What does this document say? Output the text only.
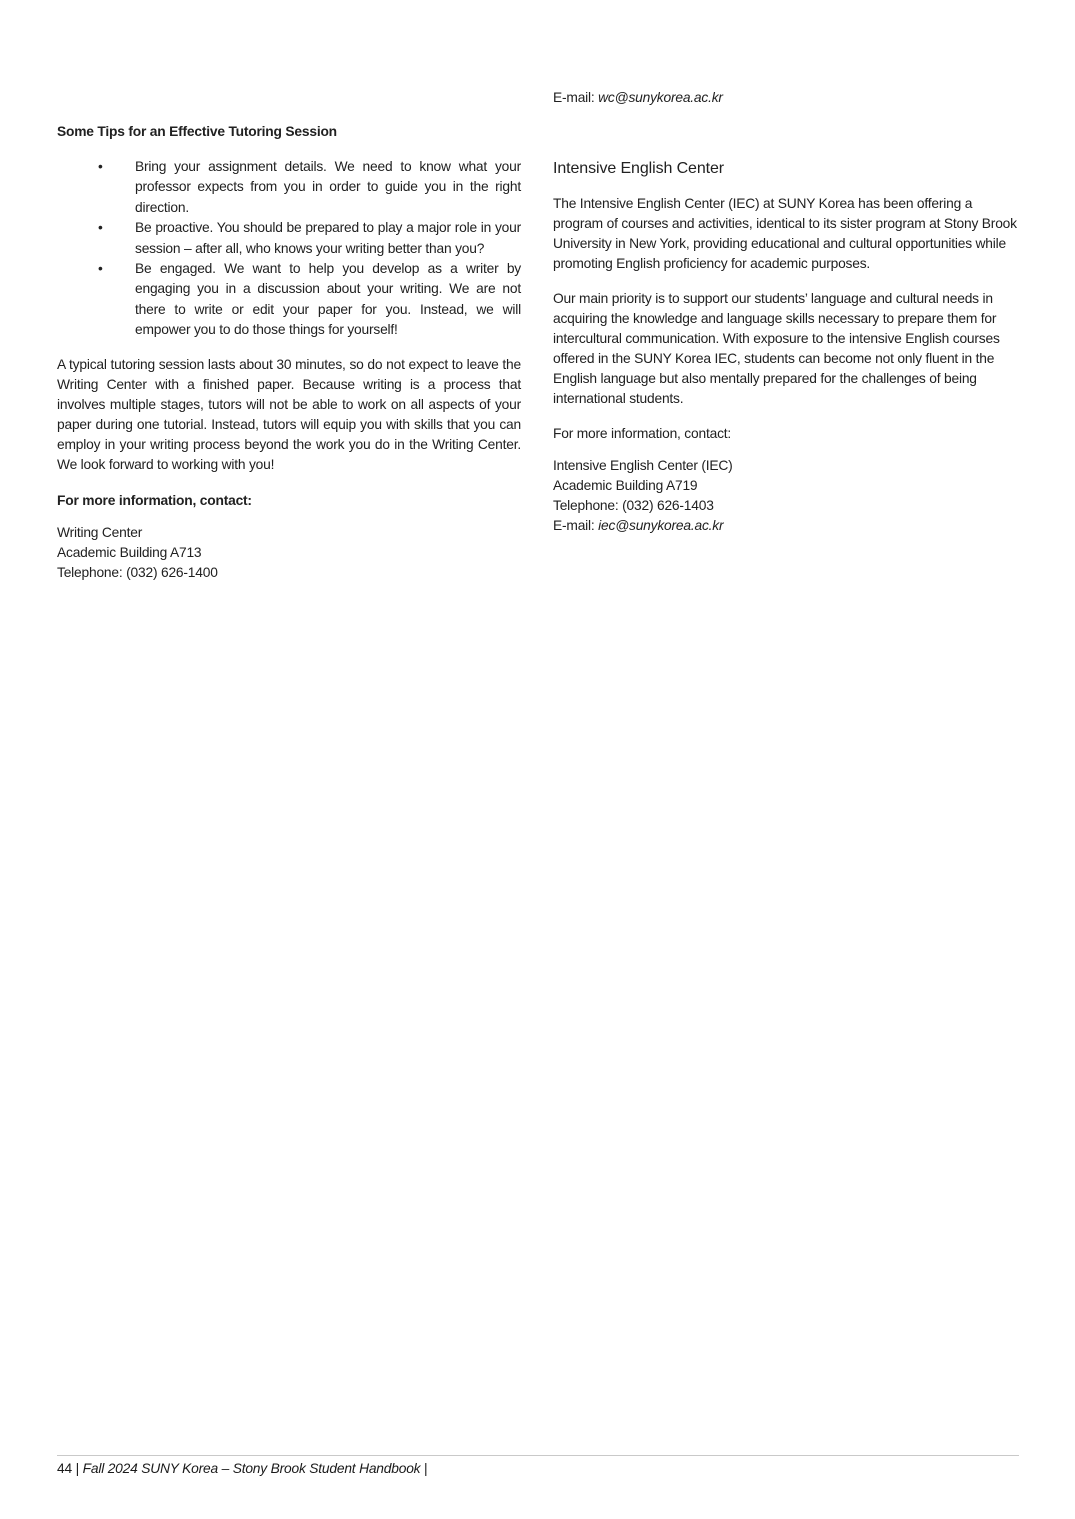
Some Tips for an Effective Tutoring Session
• Bring your assignment details. We need to know what your professor expects from you in order to guide you in the right direction.
• Be proactive. You should be prepared to play a major role in your session – after all, who knows your writing better than you?
• Be engaged. We want to help you develop as a writer by engaging you in a discussion about your writing. We are not there to write or edit your paper for you. Instead, we will empower you to do those things for yourself!
A typical tutoring session lasts about 30 minutes, so do not expect to leave the Writing Center with a finished paper. Because writing is a process that involves multiple stages, tutors will not be able to work on all aspects of your paper during one tutorial. Instead, tutors will equip you with skills that you can employ in your writing process beyond the work you do in the Writing Center. We look forward to working with you!
For more information, contact:
Writing Center
Academic Building A713
Telephone: (032) 626-1400
E-mail: wc@sunykorea.ac.kr
Intensive English Center
The Intensive English Center (IEC) at SUNY Korea has been offering a program of courses and activities, identical to its sister program at Stony Brook University in New York, providing educational and cultural opportunities while promoting English proficiency for academic purposes.
Our main priority is to support our students’ language and cultural needs in acquiring the knowledge and language skills necessary to prepare them for intercultural communication. With exposure to the intensive English courses offered in the SUNY Korea IEC, students can become not only fluent in the English language but also mentally prepared for the challenges of being international students.
For more information, contact:
Intensive English Center (IEC)
Academic Building A719
Telephone: (032) 626-1403
E-mail: iec@sunykorea.ac.kr
44 | Fall 2024 SUNY Korea – Stony Brook Student Handbook |
